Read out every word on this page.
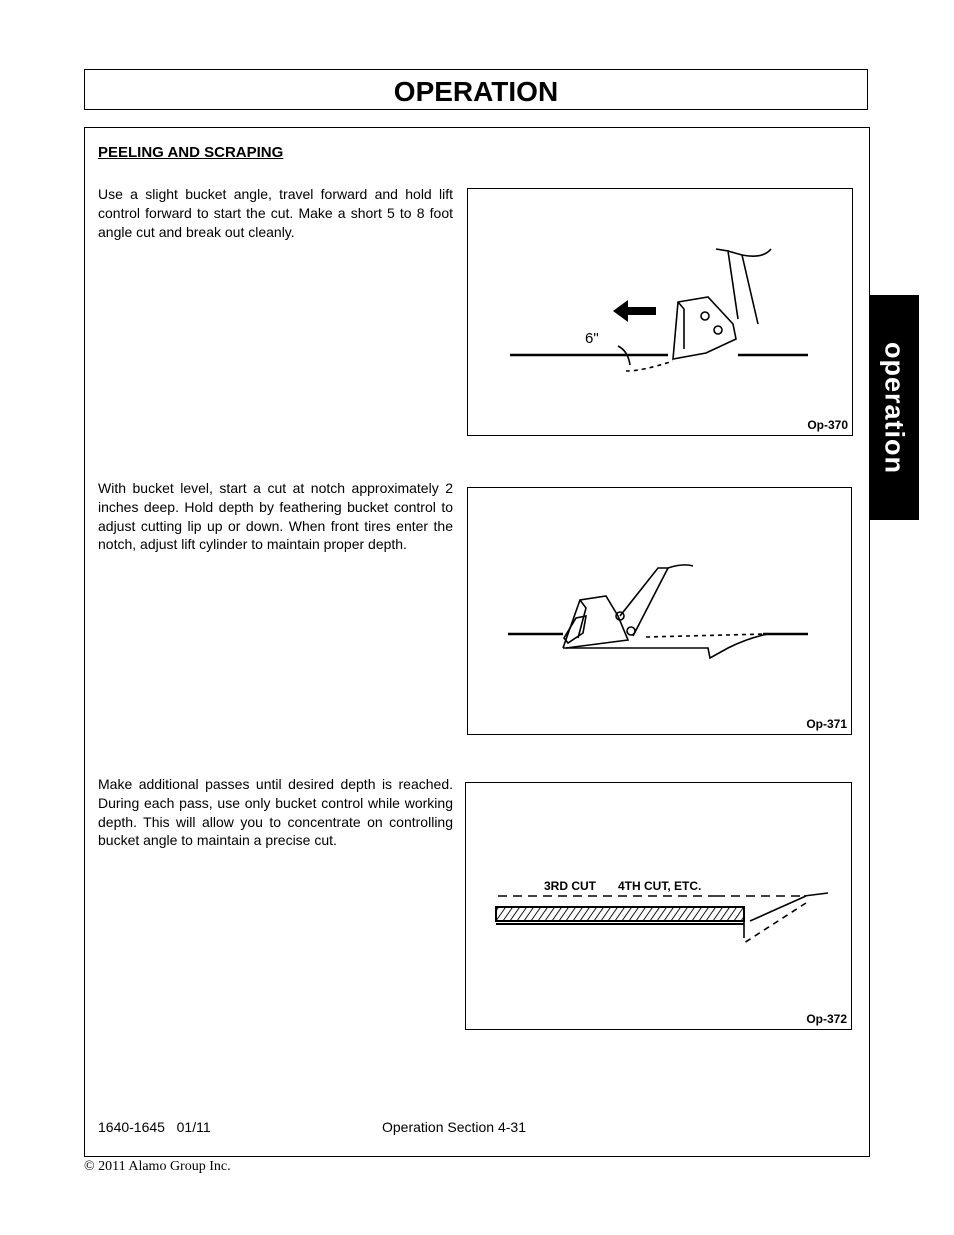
OPERATION
operation
PEELING AND SCRAPING

Use a slight bucket angle, travel forward and hold lift control forward to start the cut. Make a short 5 to 8 foot angle cut and break out cleanly.

With bucket level, start a cut at notch approximately 2 inches deep. Hold depth by feathering bucket control to adjust cutting lip up or down. When front tires enter the notch, adjust lift cylinder to maintain proper depth.

Make additional passes until desired depth is reached. During each pass, use only bucket control while working depth. This will allow you to concentrate on controlling bucket angle to maintain a precise cut.

6"
Op-370
Op-371
3RD CUT 4TH CUT, ETC.
Op-372
1640-1645   01/11	Operation Section 4-31
© 2011 Alamo Group Inc.
